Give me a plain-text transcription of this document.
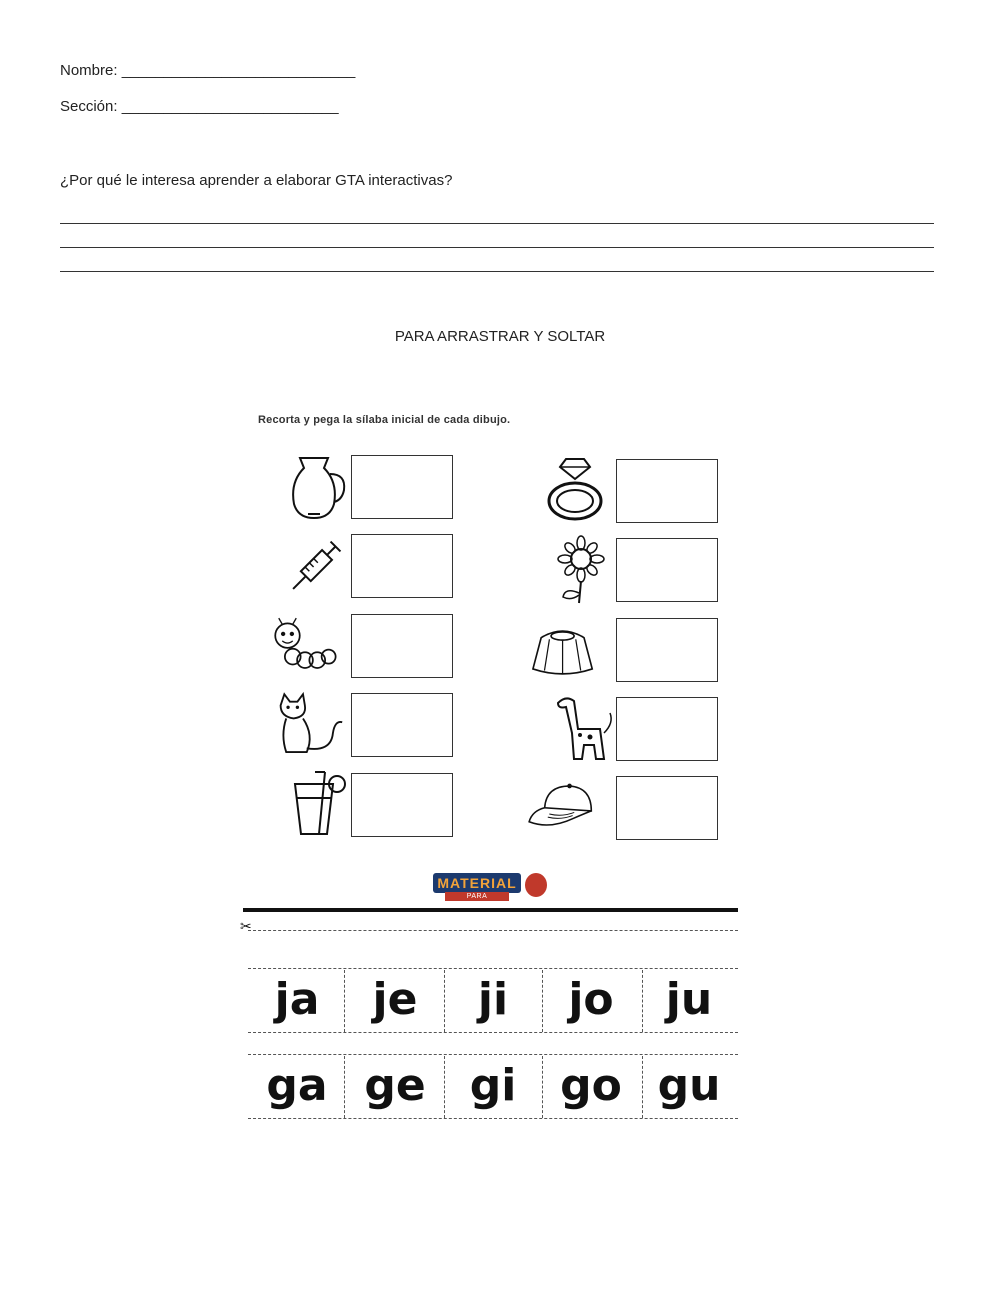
Nombre: ____________________________
Sección: __________________________
¿Por qué le interesa aprender a elaborar GTA interactivas?
PARA ARRASTRAR Y SOLTAR
Recorta y pega la sílaba inicial de cada dibujo.
MATERIAL
PARA MAESTROS
✂
ja	je	ji	jo	ju
ga ge	gi go gu
